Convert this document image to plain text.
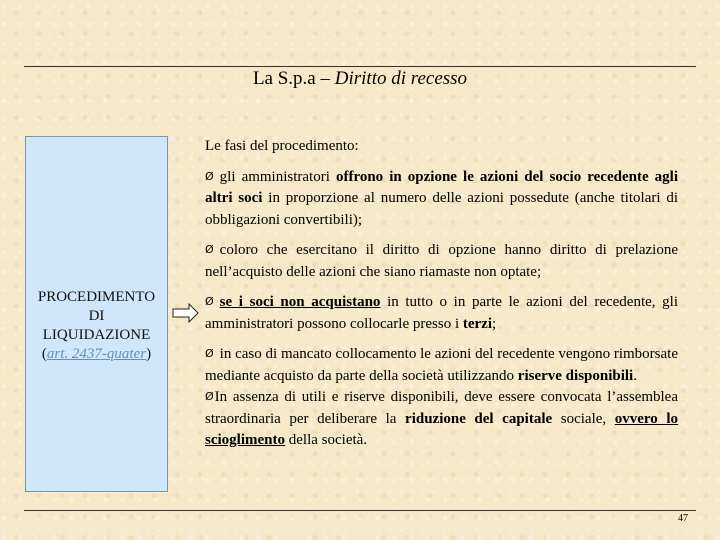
La S.p.a – Diritto di recesso
PROCEDIMENTO
DI
LIQUIDAZIONE
(art. 2437-quater)

Le fasi del procedimento:

Ø gli amministratori offrono in opzione le azioni del socio recedente agli altri soci in proporzione al numero delle azioni possedute (anche titolari di obbligazioni convertibili);

Ø coloro che esercitano il diritto di opzione hanno diritto di prelazione nell’acquisto delle azioni che siano riamaste non optate;

Ø se i soci non acquistano in tutto o in parte le azioni del recedente, gli amministratori possono collocarle presso i terzi;

Ø in caso di mancato collocamento le azioni del recedente vengono rimborsate mediante acquisto da parte della società utilizzando riserve disponibili.

ØIn assenza di utili e riserve disponibili, deve essere convocata l’assemblea straordinaria per deliberare la riduzione del capitale sociale, ovvero lo scioglimento della società.

47
